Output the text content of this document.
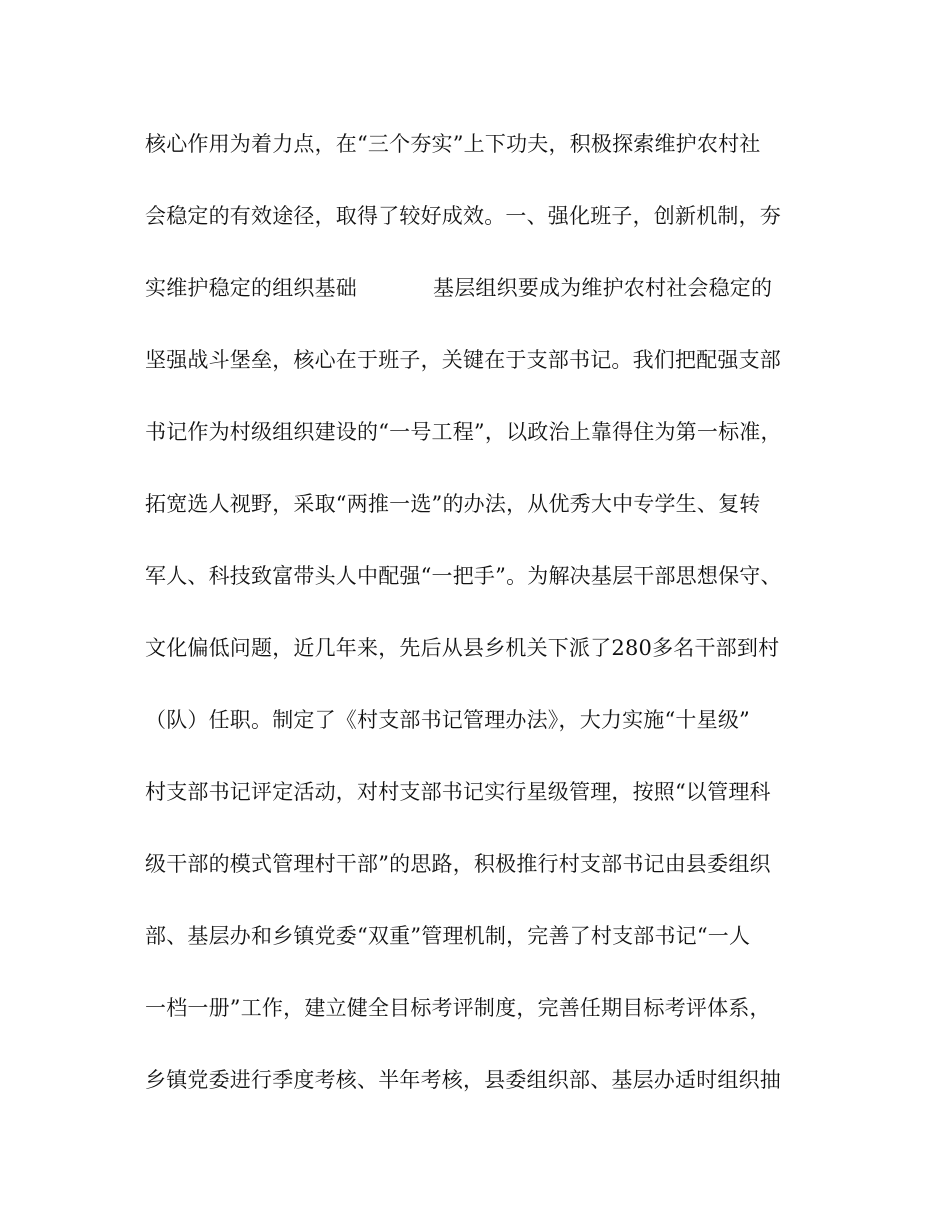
核心作用为着力点，在“三个夯实”上下功夫，积极探索维护农村社
会稳定的有效途径，取得了较好成效。一、强化班子，创新机制，夯
实维护稳定的组织基础	基层组织要成为维护农村社会稳定的
坚强战斗堡垒，核心在于班子，关键在于支部书记。我们把配强支部
书记作为村级组织建设的“一号工程”，以政治上靠得住为第一标准，
拓宽选人视野，采取“两推一选”的办法，从优秀大中专学生、复转
军人、科技致富带头人中配强“一把手”。为解决基层干部思想保守、
文化偏低问题，近几年来，先后从县乡机关下派了280多名干部到村
（队）任职。制定了《村支部书记管理办法》，大力实施“十星级”
村支部书记评定活动，对村支部书记实行星级管理，按照“以管理科
级干部的模式管理村干部”的思路，积极推行村支部书记由县委组织
部、基层办和乡镇党委“双重”管理机制，完善了村支部书记“一人
一档一册”工作，建立健全目标考评制度，完善任期目标考评体系，
乡镇党委进行季度考核、半年考核，县委组织部、基层办适时组织抽
